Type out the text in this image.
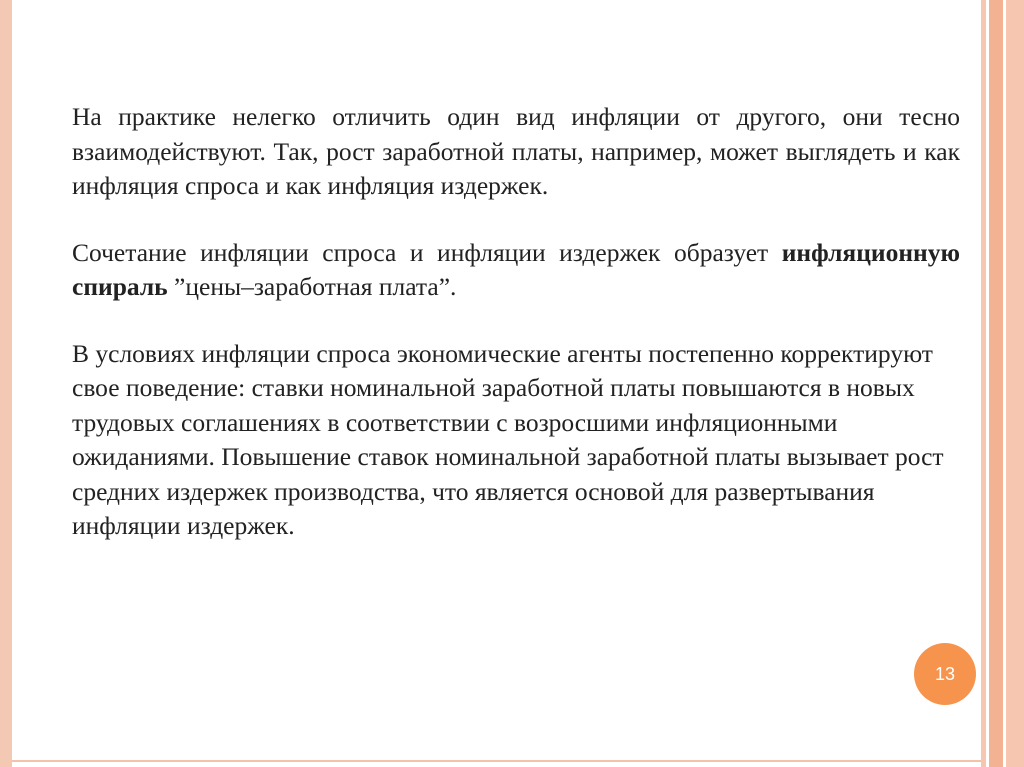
На практике нелегко отличить один вид инфляции от другого, они тесно взаимодействуют. Так, рост заработной платы, например, может выглядеть и как инфляция спроса и как инфляция издержек.

Сочетание инфляции спроса и инфляции издержек образует инфляционную спираль ”цены–заработная плата”.

В условиях инфляции спроса экономические агенты постепенно корректируют свое поведение: ставки номинальной заработной платы повышаются в новых трудовых соглашениях в соответствии с возросшими инфляционными ожиданиями. Повышение ставок номинальной заработной платы вызывает рост средних издержек производства, что является основой для развертывания инфляции издержек.

13
